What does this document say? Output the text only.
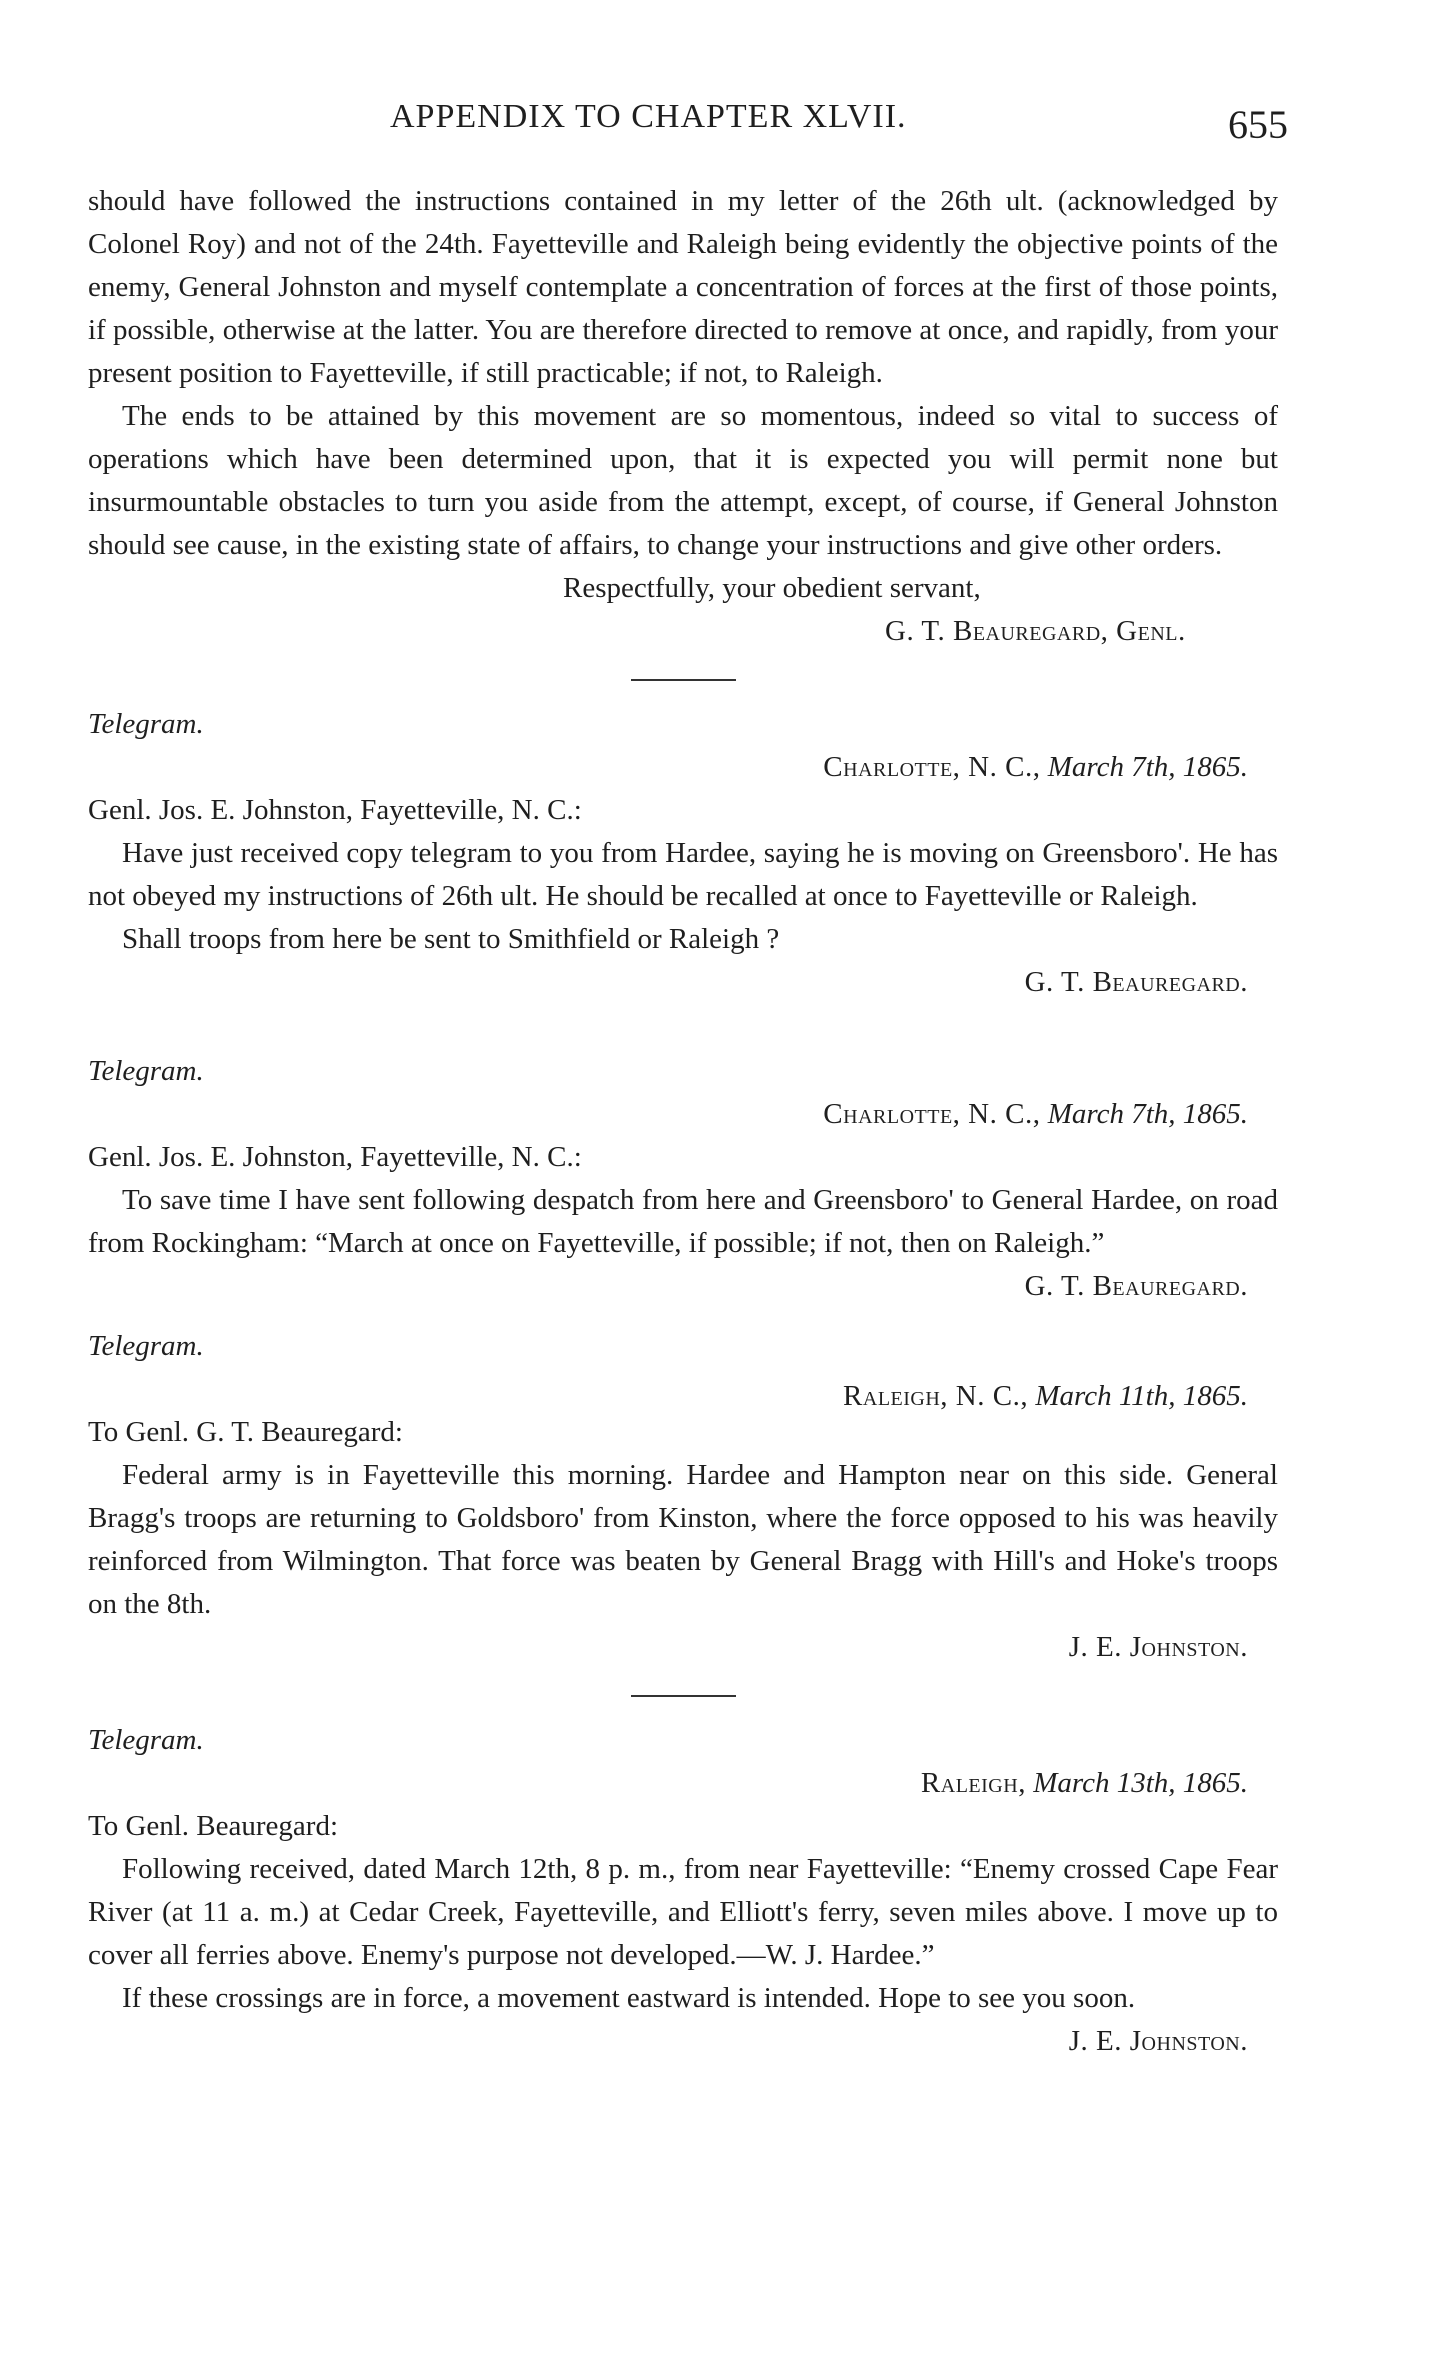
APPENDIX TO CHAPTER XLVII.	655

should have followed the instructions contained in my letter of the 26th ult. (acknowledged by Colonel Roy) and not of the 24th. Fayetteville and Raleigh being evidently the objective points of the enemy, General Johnston and myself contemplate a concentration of forces at the first of those points, if possible, otherwise at the latter. You are therefore directed to remove at once, and rapidly, from your present position to Fayetteville, if still practicable; if not, to Raleigh.

The ends to be attained by this movement are so momentous, indeed so vital to success of operations which have been determined upon, that it is expected you will permit none but insurmountable obstacles to turn you aside from the attempt, except, of course, if General Johnston should see cause, in the existing state of affairs, to change your instructions and give other orders.

Respectfully, your obedient servant,

G. T. Beauregard, Genl.

Telegram.
Charlotte, N. C., March 7th, 1865.

Genl. Jos. E. Johnston, Fayetteville, N. C.:

Have just received copy telegram to you from Hardee, saying he is moving on Greensboro'. He has not obeyed my instructions of 26th ult. He should be recalled at once to Fayetteville or Raleigh.

Shall troops from here be sent to Smithfield or Raleigh ?

G. T. Beauregard.

Telegram.
Charlotte, N. C., March 7th, 1865.

Genl. Jos. E. Johnston, Fayetteville, N. C.:

To save time I have sent following despatch from here and Greensboro' to General Hardee, on road from Rockingham: “March at once on Fayetteville, if possible; if not, then on Raleigh.”
G. T. Beauregard.

Telegram.
Raleigh, N. C., March 11th, 1865.

To Genl. G. T. Beauregard:

Federal army is in Fayetteville this morning. Hardee and Hampton near on this side. General Bragg's troops are returning to Goldsboro' from Kinston, where the force opposed to his was heavily reinforced from Wilmington. That force was beaten by General Bragg with Hill's and Hoke's troops on the 8th.

J. E. Johnston.

Telegram.
Raleigh, March 13th, 1865.

To Genl. Beauregard:

Following received, dated March 12th, 8 p. m., from near Fayetteville: “Enemy crossed Cape Fear River (at 11 a. m.) at Cedar Creek, Fayetteville, and Elliott's ferry, seven miles above. I move up to cover all ferries above. Enemy's purpose not developed.—W. J. Hardee.”

If these crossings are in force, a movement eastward is intended. Hope to see you soon.
J. E. Johnston.
